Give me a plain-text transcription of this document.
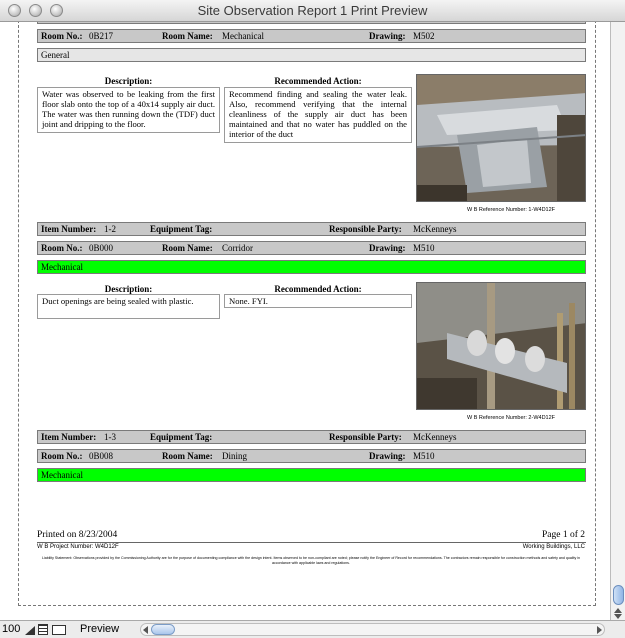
Site Observation Report 1 Print Preview
Room No.: 0B217	Room Name: Mechanical	Drawing: M502
General
Description:	Recommended Action:
Water was observed to be leaking from the first floor slab onto the top of a 40x14 supply air duct. The water was then running down the (TDF) duct joint and dripping to the floor.
Recommend finding and sealing the water leak. Also, recommend verifying that the internal cleanliness of the supply air duct has been maintained and that no water has puddled on the interior of the duct
W B Reference Number: 1-W4D12F
Item Number: 1-2	Equipment Tag:	Responsible Party: McKenneys
Room No.: 0B000	Room Name: Corridor	Drawing: M510
Mechanical
Description:	Recommended Action:
Duct openings are being sealed with plastic.	None. FYI.
W B Reference Number: 2-W4D12F
Item Number: 1-3	Equipment Tag:	Responsible Party: McKenneys
Room No.: 0B008	Room Name: Dining	Drawing: M510
Mechanical
Printed on 8/23/2004	Page 1 of 2
W B Project Number: W4D12F	Working Buildings, LLC
Liability Statement: Observations provided by the Commissioning Authority are for the purpose of documenting compliance with the design intent. Items observed to be non-compliant are noted; please notify the Engineer of Record for recommendations. The contractors remain responsible for construction methods and safety and quality in accordance with applicable laws and regulations.
100	Preview
